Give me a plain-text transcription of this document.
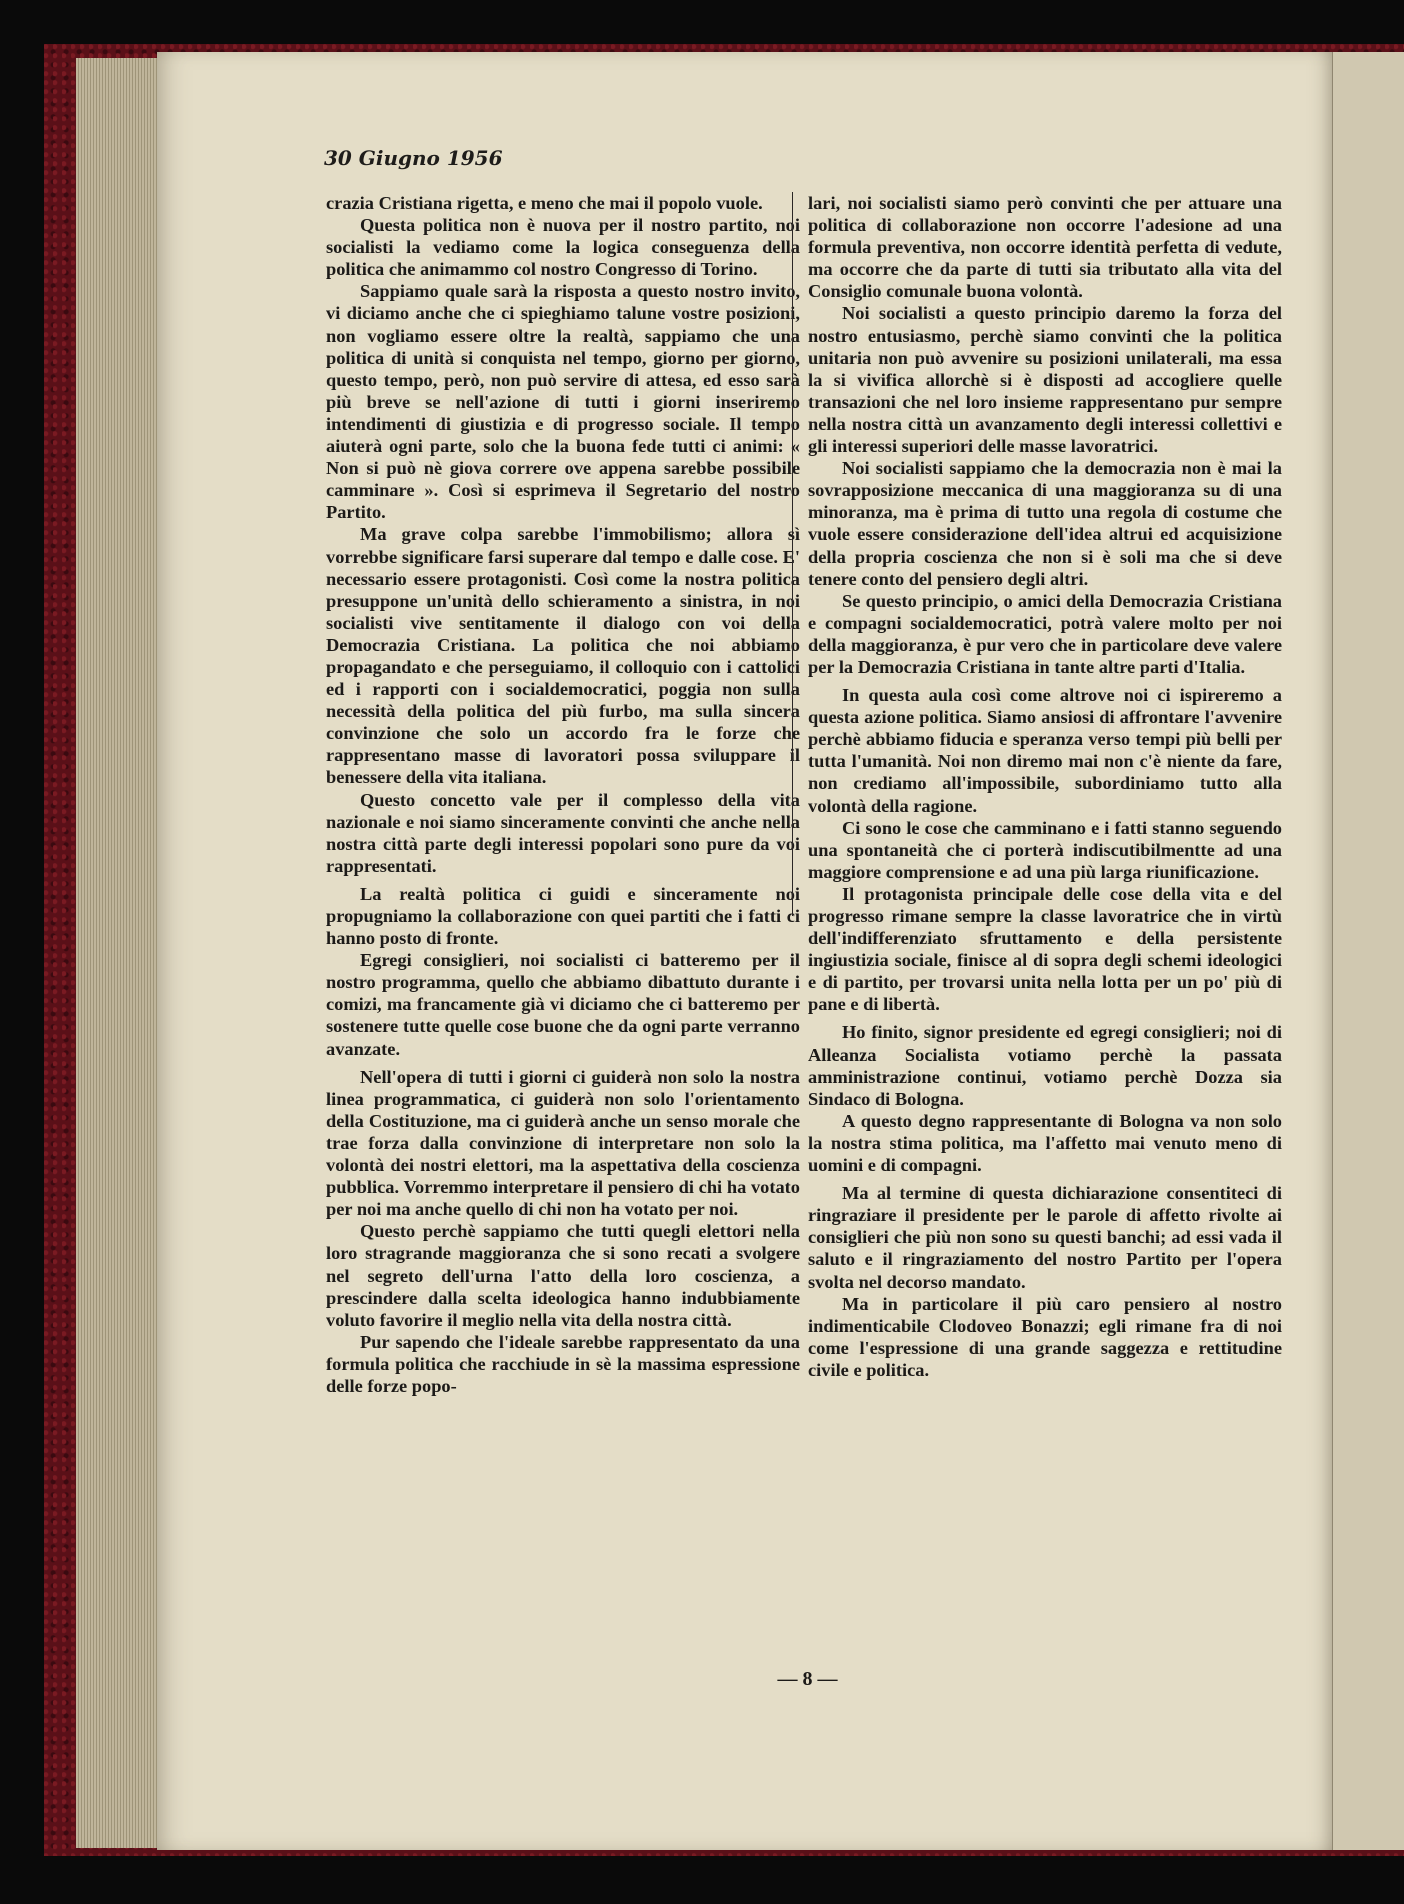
30 Giugno 1956

crazia Cristiana rigetta, e meno che mai il popolo vuole.

Questa politica non è nuova per il nostro partito, noi socialisti la vediamo come la logica conseguenza della politica che animammo col nostro Congresso di Torino.

Sappiamo quale sarà la risposta a questo nostro invito, vi diciamo anche che ci spieghiamo talune vostre posizioni, non vogliamo essere oltre la realtà, sappiamo che una politica di unità si conquista nel tempo, giorno per giorno, questo tempo, però, non può servire di attesa, ed esso sarà più breve se nell'azione di tutti i giorni inseriremo intendimenti di giustizia e di progresso sociale. Il tempo aiuterà ogni parte, solo che la buona fede tutti ci animi: « Non si può nè giova correre ove appena sarebbe possibile camminare ». Così si esprimeva il Segretario del nostro Partito.

Ma grave colpa sarebbe l'immobilismo; allora sì vorrebbe significare farsi superare dal tempo e dalle cose. E' necessario essere protagonisti. Così come la nostra politica presuppone un'unità dello schieramento a sinistra, in noi socialisti vive sentitamente il dialogo con voi della Democrazia Cristiana. La politica che noi abbiamo propagandato e che perseguiamo, il colloquio con i cattolici ed i rapporti con i socialdemocratici, poggia non sulla necessità della politica del più furbo, ma sulla sincera convinzione che solo un accordo fra le forze che rappresentano masse di lavoratori possa sviluppare il benessere della vita italiana.

Questo concetto vale per il complesso della vita nazionale e noi siamo sinceramente convinti che anche nella nostra città parte degli interessi popolari sono pure da voi rappresentati.

La realtà politica ci guidi e sinceramente noi propugniamo la collaborazione con quei partiti che i fatti ci hanno posto di fronte.

Egregi consiglieri, noi socialisti ci batteremo per il nostro programma, quello che abbiamo dibattuto durante i comizi, ma francamente già vi diciamo che ci batteremo per sostenere tutte quelle cose buone che da ogni parte verranno avanzate.

Nell'opera di tutti i giorni ci guiderà non solo la nostra linea programmatica, ci guiderà non solo l'orientamento della Costituzione, ma ci guiderà anche un senso morale che trae forza dalla convinzione di interpretare non solo la volontà dei nostri elettori, ma la aspettativa della coscienza pubblica. Vorremmo interpretare il pensiero di chi ha votato per noi ma anche quello di chi non ha votato per noi.

Questo perchè sappiamo che tutti quegli elettori nella loro stragrande maggioranza che si sono recati a svolgere nel segreto dell'urna l'atto della loro coscienza, a prescindere dalla scelta ideologica hanno indubbiamente voluto favorire il meglio nella vita della nostra città.

Pur sapendo che l'ideale sarebbe rappresentato da una formula politica che racchiude in sè la massima espressione delle forze popo-

lari, noi socialisti siamo però convinti che per attuare una politica di collaborazione non occorre l'adesione ad una formula preventiva, non occorre identità perfetta di vedute, ma occorre che da parte di tutti sia tributato alla vita del Consiglio comunale buona volontà.

Noi socialisti a questo principio daremo la forza del nostro entusiasmo, perchè siamo convinti che la politica unitaria non può avvenire su posizioni unilaterali, ma essa la si vivifica allorchè si è disposti ad accogliere quelle transazioni che nel loro insieme rappresentano pur sempre nella nostra città un avanzamento degli interessi collettivi e gli interessi superiori delle masse lavoratrici.

Noi socialisti sappiamo che la democrazia non è mai la sovrapposizione meccanica di una maggioranza su di una minoranza, ma è prima di tutto una regola di costume che vuole essere considerazione dell'idea altrui ed acquisizione della propria coscienza che non si è soli ma che si deve tenere conto del pensiero degli altri.

Se questo principio, o amici della Democrazia Cristiana e compagni socialdemocratici, potrà valere molto per noi della maggioranza, è pur vero che in particolare deve valere per la Democrazia Cristiana in tante altre parti d'Italia.

In questa aula così come altrove noi ci ispireremo a questa azione politica. Siamo ansiosi di affrontare l'avvenire perchè abbiamo fiducia e speranza verso tempi più belli per tutta l'umanità. Noi non diremo mai non c'è niente da fare, non crediamo all'impossibile, subordiniamo tutto alla volontà della ragione.

Ci sono le cose che camminano e i fatti stanno seguendo una spontaneità che ci porterà indiscutibilmentte ad una maggiore comprensione e ad una più larga riunificazione.

Il protagonista principale delle cose della vita e del progresso rimane sempre la classe lavoratrice che in virtù dell'indifferenziato sfruttamento e della persistente ingiustizia sociale, finisce al di sopra degli schemi ideologici e di partito, per trovarsi unita nella lotta per un po' più di pane e di libertà.

Ho finito, signor presidente ed egregi consiglieri; noi di Alleanza Socialista votiamo perchè la passata amministrazione continui, votiamo perchè Dozza sia Sindaco di Bologna.

A questo degno rappresentante di Bologna va non solo la nostra stima politica, ma l'affetto mai venuto meno di uomini e di compagni.

Ma al termine di questa dichiarazione consentiteci di ringraziare il presidente per le parole di affetto rivolte ai consiglieri che più non sono su questi banchi; ad essi vada il saluto e il ringraziamento del nostro Partito per l'opera svolta nel decorso mandato.

Ma in particolare il più caro pensiero al nostro indimenticabile Clodoveo Bonazzi; egli rimane fra di noi come l'espressione di una grande saggezza e rettitudine civile e politica.

— 8 —
